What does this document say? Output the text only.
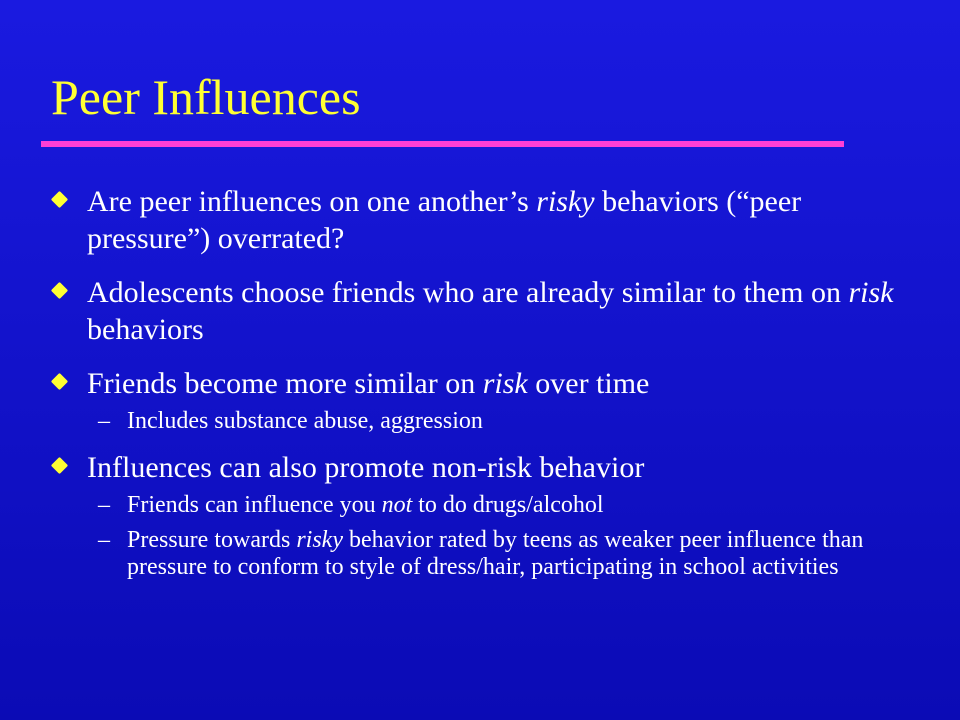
Peer Influences
Are peer influences on one another’s risky behaviors (“peer pressure”) overrated?
Adolescents choose friends who are already similar to them on risk behaviors
Friends become more similar on risk over time
– Includes substance abuse, aggression
Influences can also promote non-risk behavior
– Friends can influence you not to do drugs/alcohol
– Pressure towards risky behavior rated by teens as weaker peer influence than pressure to conform to style of dress/hair, participating in school activities
